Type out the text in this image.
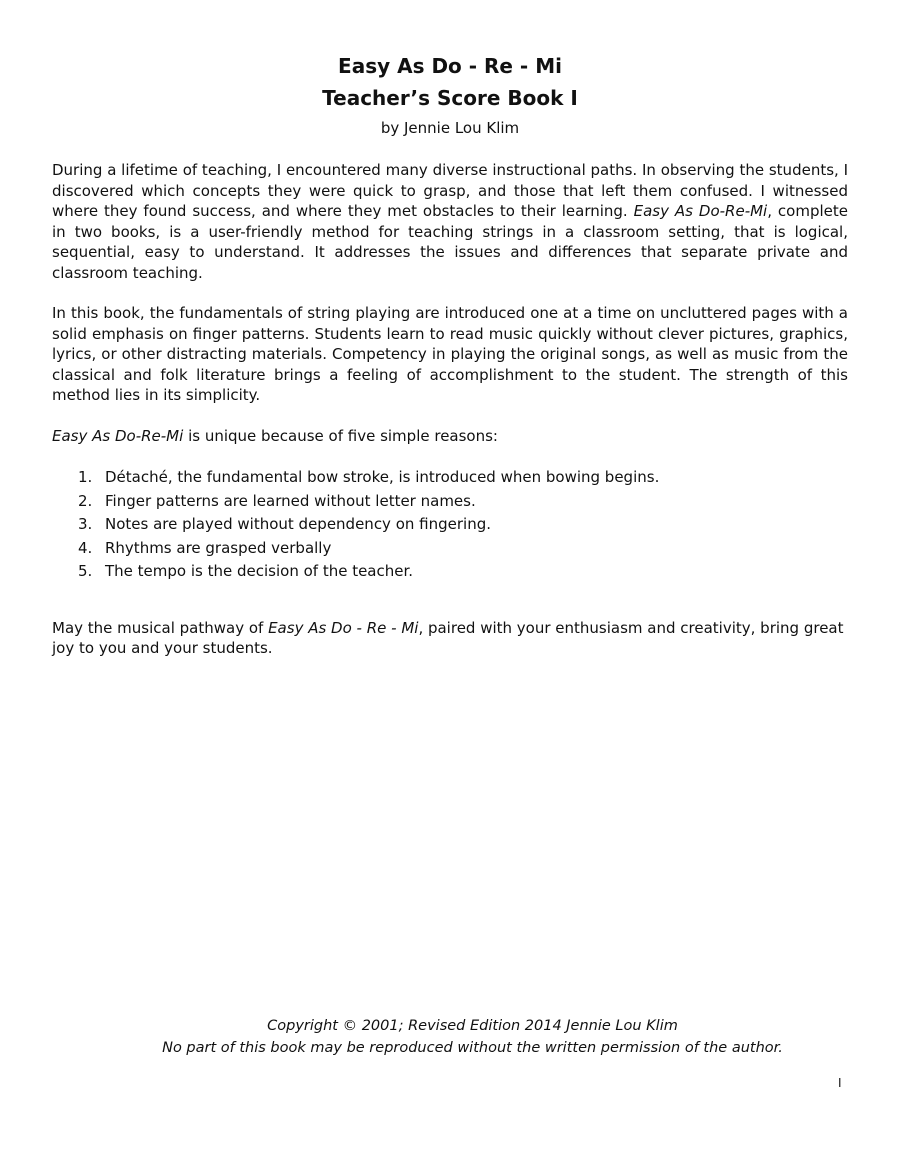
Easy As Do - Re - Mi
Teacher’s Score Book I
by Jennie Lou Klim

During a lifetime of teaching, I encountered many diverse instructional paths. In observing the students, I discovered which concepts they were quick to grasp, and those that left them confused. I witnessed where they found success, and where they met obstacles to their learning. Easy As Do-Re-Mi, complete in two books, is a user-friendly method for teaching strings in a classroom setting, that is logical, sequential, easy to understand. It addresses the issues and differences that separate private and classroom teaching.

In this book, the fundamentals of string playing are introduced one at a time on uncluttered pages with a solid emphasis on finger patterns. Students learn to read music quickly without clever pictures, graphics, lyrics, or other distracting materials. Competency in playing the original songs, as well as music from the classical and folk literature brings a feeling of accomplishment to the student. The strength of this method lies in its simplicity.

Easy As Do-Re-Mi is unique because of five simple reasons:

1. Détaché, the fundamental bow stroke, is introduced when bowing begins.
2. Finger patterns are learned without letter names.
3. Notes are played without dependency on fingering.
4. Rhythms are grasped verbally
5. The tempo is the decision of the teacher.

May the musical pathway of Easy As Do - Re - Mi, paired with your enthusiasm and creativity, bring great joy to you and your students.

Copyright © 2001; Revised Edition 2014 Jennie Lou Klim
No part of this book may be reproduced without the written permission of the author.
I
